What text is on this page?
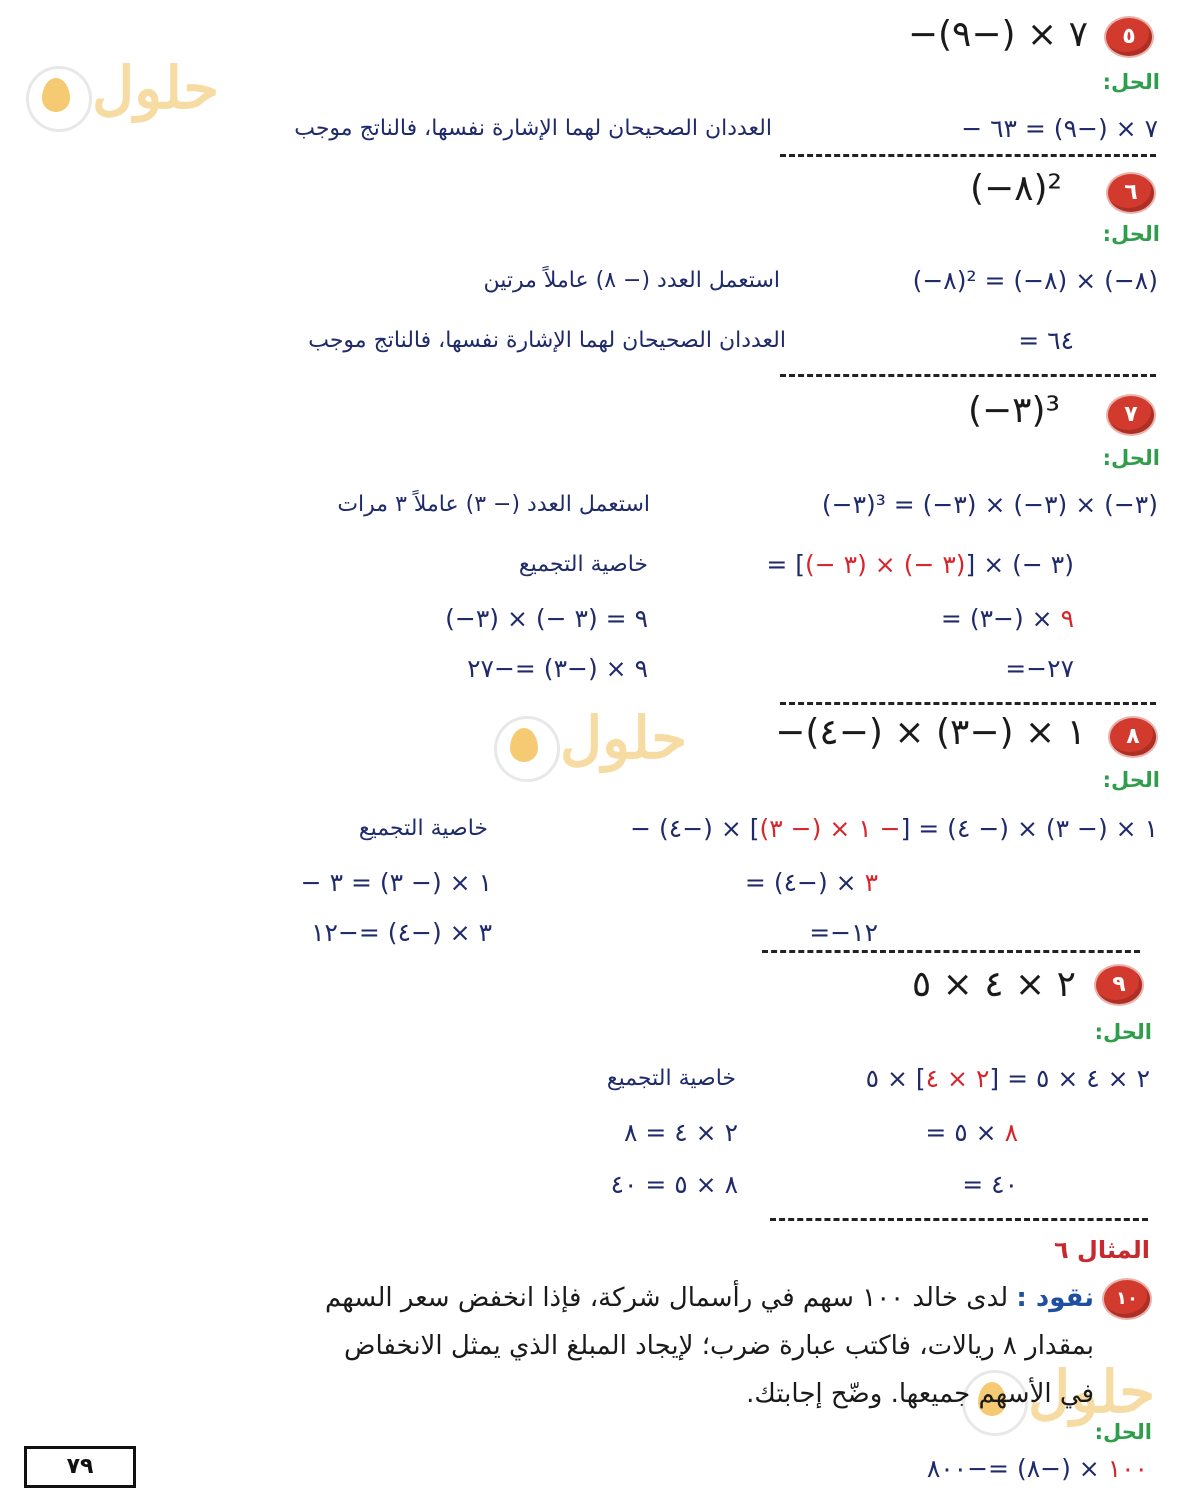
حلول
حلول
حلول
٥
−٧ × (−٩)
الحل:
− ٧ × (−٩) = ٦٣
العددان الصحيحان لهما الإشارة نفسها، فالناتج موجب
٦
(−٨)²
الحل:
(−٨)² = (−٨) × (−٨)
استعمل العدد (− ٨) عاملاً مرتين
= ٦٤
العددان الصحيحان لهما الإشارة نفسها، فالناتج موجب
٧
(−٣)³
الحل:
(−٣)³ = (−٣) × (−٣) × (−٣)
استعمل العدد (− ٣) عاملاً ٣ مرات
= [(− ٣) × (− ٣)] × (− ٣)
خاصية التجميع
=	٩ × (−٣)
(−٣) × (− ٣) = ٩
=−٢٧
٩ × (−٣) =−٢٧
٨
−١ × (−٣) × (−٤)
الحل:
− ١ × (− ٣) × (− ٤) = [− ١ × (− ٣)] × (−٤)
خاصية التجميع
=	٣ × (−٤)
− ١ × (− ٣) = ٣
=−١٢
٣ × (−٤) =−١٢
٩
٢ × ٤ × ٥
الحل:
٢ × ٤ × ٥ = [٢ × ٤] × ٥
خاصية التجميع
= ٨ × ٥
٢ × ٤ = ٨
= ٤٠
٨ × ٥ = ٤٠
المثال ٦
١٠
نقود : لدى خالد ١٠٠ سهم في رأسمال شركة، فإذا انخفض سعر السهم
بمقدار ٨ ريالات، فاكتب عبارة ضرب؛ لإيجاد المبلغ الذي يمثل الانخفاض
في الأسهم جميعها. وضّح إجابتك.
الحل:
١٠٠ × (−٨) =−٨٠٠
٧٩
